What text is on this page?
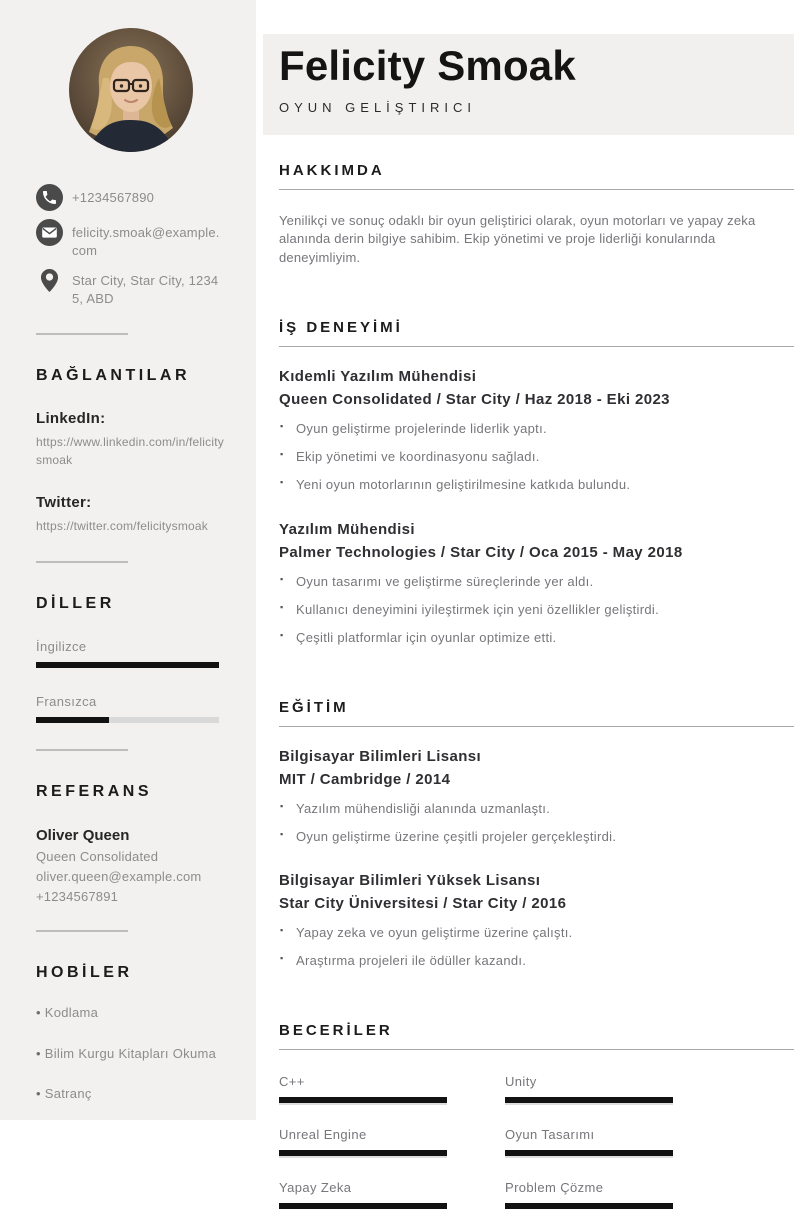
+1234567890
felicity.smoak@example.com
Star City, Star City, 12345, ABD
BAĞLANTILAR
LinkedIn:
https://www.linkedin.com/in/felicitysmoak
Twitter:
https://twitter.com/felicitysmoak
DİLLER
İngilizce
Fransızca
REFERANS
Oliver Queen
Queen Consolidated
oliver.queen@example.com
+1234567891
HOBİLER
• Kodlama
• Bilim Kurgu Kitapları Okuma
• Satranç
Felicity Smoak
OYUN GELİŞTIRICI
HAKKIMDA

Yenilikçi ve sonuç odaklı bir oyun geliştirici olarak, oyun motorları ve yapay zeka alanında derin bilgiye sahibim. Ekip yönetimi ve proje liderliği konularında deneyimliyim.

İŞ DENEYİMİ
Kıdemli Yazılım Mühendisi
Queen Consolidated / Star City / Haz 2018 - Eki 2023
▪ Oyun geliştirme projelerinde liderlik yaptı.
▪ Ekip yönetimi ve koordinasyonu sağladı.
▪ Yeni oyun motorlarının geliştirilmesine katkıda bulundu.
Yazılım Mühendisi
Palmer Technologies / Star City / Oca 2015 - May 2018
▪ Oyun tasarımı ve geliştirme süreçlerinde yer aldı.
▪ Kullanıcı deneyimini iyileştirmek için yeni özellikler geliştirdi.
▪ Çeşitli platformlar için oyunlar optimize etti.
EĞİTİM
Bilgisayar Bilimleri Lisansı
MIT / Cambridge / 2014
▪ Yazılım mühendisliği alanında uzmanlaştı.
▪ Oyun geliştirme üzerine çeşitli projeler gerçekleştirdi.
Bilgisayar Bilimleri Yüksek Lisansı
Star City Üniversitesi / Star City / 2016
▪ Yapay zeka ve oyun geliştirme üzerine çalıştı.
▪ Araştırma projeleri ile ödüller kazandı.
BECERİLER
C++	Unity
Unreal Engine	Oyun Tasarımı
Yapay Zeka	Problem Çözme
